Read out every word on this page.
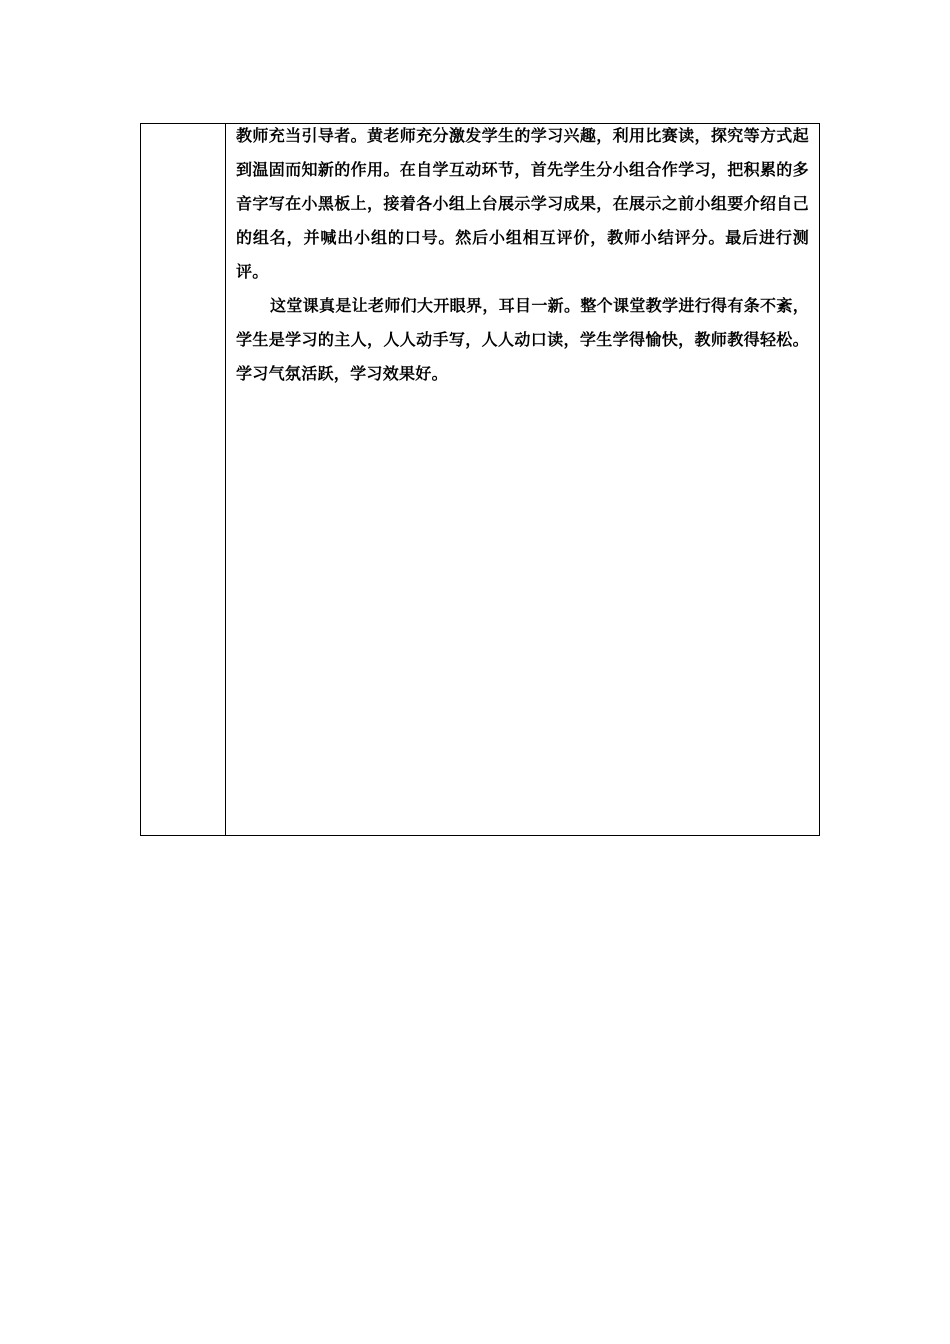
教师充当引导者。黄老师充分激发学生的学习兴趣，利用比赛读，探究等方式起到温固而知新的作用。在自学互动环节，首先学生分小组合作学习，把积累的多音字写在小黑板上，接着各小组上台展示学习成果，在展示之前小组要介绍自己的组名，并喊出小组的口号。然后小组相互评价，教师小结评分。最后进行测评。

这堂课真是让老师们大开眼界，耳目一新。整个课堂教学进行得有条不紊，学生是学习的主人，人人动手写，人人动口读，学生学得愉快，教师教得轻松。学习气氛活跃，学习效果好。
